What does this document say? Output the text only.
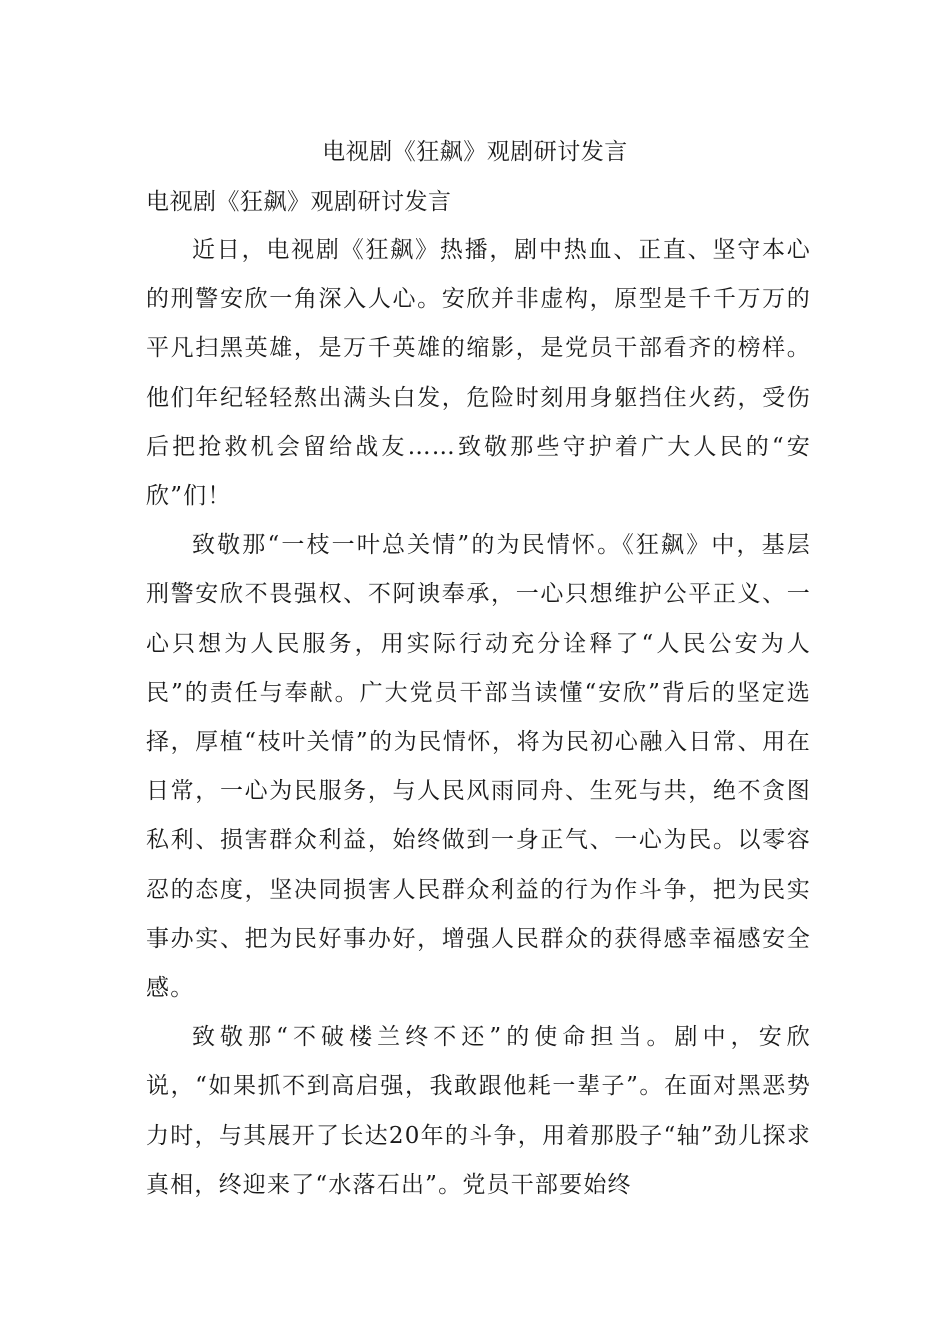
电视剧《狂飙》观剧研讨发言
电视剧《狂飙》观剧研讨发言

近日，电视剧《狂飙》热播，剧中热血、正直、坚守本心的刑警安欣一角深入人心。安欣并非虚构，原型是千千万万的平凡扫黑英雄，是万千英雄的缩影，是党员干部看齐的榜样。他们年纪轻轻熬出满头白发，危险时刻用身躯挡住火药，受伤后把抢救机会留给战友……致敬那些守护着广大人民的“安欣”们！

致敬那“一枝一叶总关情”的为民情怀。《狂飙》中，基层刑警安欣不畏强权、不阿谀奉承，一心只想维护公平正义、一心只想为人民服务，用实际行动充分诠释了“人民公安为人民”的责任与奉献。广大党员干部当读懂“安欣”背后的坚定选择，厚植“枝叶关情”的为民情怀，将为民初心融入日常、用在日常，一心为民服务，与人民风雨同舟、生死与共，绝不贪图私利、损害群众利益，始终做到一身正气、一心为民。以零容忍的态度，坚决同损害人民群众利益的行为作斗争，把为民实事办实、把为民好事办好，增强人民群众的获得感幸福感安全感。

致敬那“不破楼兰终不还”的使命担当。剧中，安欣说，“如果抓不到高启强，我敢跟他耗一辈子”。在面对黑恶势力时，与其展开了长达20年的斗争，用着那股子“轴”劲儿探求真相，终迎来了“水落石出”。党员干部要始终
